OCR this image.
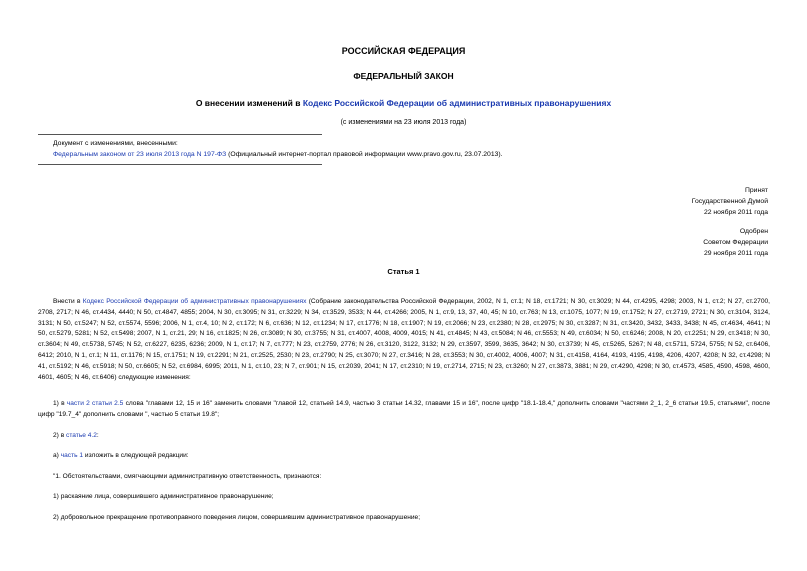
РОССИЙСКАЯ ФЕДЕРАЦИЯ
ФЕДЕРАЛЬНЫЙ ЗАКОН
О внесении изменений в Кодекс Российской Федерации об административных правонарушениях
(с изменениями на 23 июля 2013 года)
Документ с изменениями, внесенными:
Федеральным законом от 23 июля 2013 года N 197-ФЗ (Официальный интернет-портал правовой информации www.pravo.gov.ru, 23.07.2013).
Принят
Государственной Думой
22 ноября 2011 года
Одобрен
Советом Федерации
29 ноября 2011 года
Статья 1
Внести в Кодекс Российской Федерации об административных правонарушениях (Собрание законодательства Российской Федерации, 2002, N 1, ст.1; N 18, ст.1721; N 30, ст.3029; N 44, ст.4295, 4298; 2003, N 1, ст.2; N 27, ст.2700, 2708, 2717; N 46, ст.4434, 4440; N 50, ст.4847, 4855; 2004, N 30, ст.3095; N 31, ст.3229; N 34, ст.3529, 3533; N 44, ст.4266; 2005, N 1, ст.9, 13, 37, 40, 45; N 10, ст.763; N 13, ст.1075, 1077; N 19, ст.1752; N 27, ст.2719, 2721; N 30, ст.3104, 3124, 3131; N 50, ст.5247; N 52, ст.5574, 5596; 2006, N 1, ст.4, 10; N 2, ст.172; N 6, ст.636; N 12, ст.1234; N 17, ст.1776; N 18, ст.1907; N 19, ст.2066; N 23, ст.2380; N 28, ст.2975; N 30, ст.3287; N 31, ст.3420, 3432, 3433, 3438; N 45, ст.4634, 4641; N 50, ст.5279, 5281; N 52, ст.5498; 2007, N 1, ст.21, 29; N 16, ст.1825; N 26, ст.3089; N 30, ст.3755; N 31, ст.4007, 4008, 4009, 4015; N 41, ст.4845; N 43, ст.5084; N 46, ст.5553; N 49, ст.6034; N 50, ст.6246; 2008, N 20, ст.2251; N 29, ст.3418; N 30, ст.3604; N 49, ст.5738, 5745; N 52, ст.6227, 6235, 6236; 2009, N 1, ст.17; N 7, ст.777; N 23, ст.2759, 2776; N 26, ст.3120, 3122, 3132; N 29, ст.3597, 3599, 3635, 3642; N 30, ст.3739; N 45, ст.5265, 5267; N 48, ст.5711, 5724, 5755; N 52, ст.6406, 6412; 2010, N 1, ст.1; N 11, ст.1176; N 15, ст.1751; N 19, ст.2291; N 21, ст.2525, 2530; N 23, ст.2790; N 25, ст.3070; N 27, ст.3416; N 28, ст.3553; N 30, ст.4002, 4006, 4007; N 31, ст.4158, 4164, 4193, 4195, 4198, 4206, 4207, 4208; N 32, ст.4298; N 41, ст.5192; N 46, ст.5918; N 50, ст.6605; N 52, ст.6984, 6995; 2011, N 1, ст.10, 23; N 7, ст.901; N 15, ст.2039, 2041; N 17, ст.2310; N 19, ст.2714, 2715; N 23, ст.3260; N 27, ст.3873, 3881; N 29, ст.4290, 4298; N 30, ст.4573, 4585, 4590, 4598, 4600, 4601, 4605; N 46, ст.6406) следующие изменения:
1) в части 2 статьи 2.5 слова "главами 12, 15 и 16" заменить словами "главой 12, статьей 14.9, частью 3 статьи 14.32, главами 15 и 16", после цифр "18.1-18.4," дополнить словами "частями 2_1, 2_6 статьи 19.5, статьями", после цифр "19.7_4" дополнить словами ", частью 5 статьи 19.8";
2) в статье 4.2:
а) часть 1 изложить в следующей редакции:
"1. Обстоятельствами, смягчающими административную ответственность, признаются:
1) раскаяние лица, совершившего административное правонарушение;
2) добровольное прекращение противоправного поведения лицом, совершившим административное правонарушение;
